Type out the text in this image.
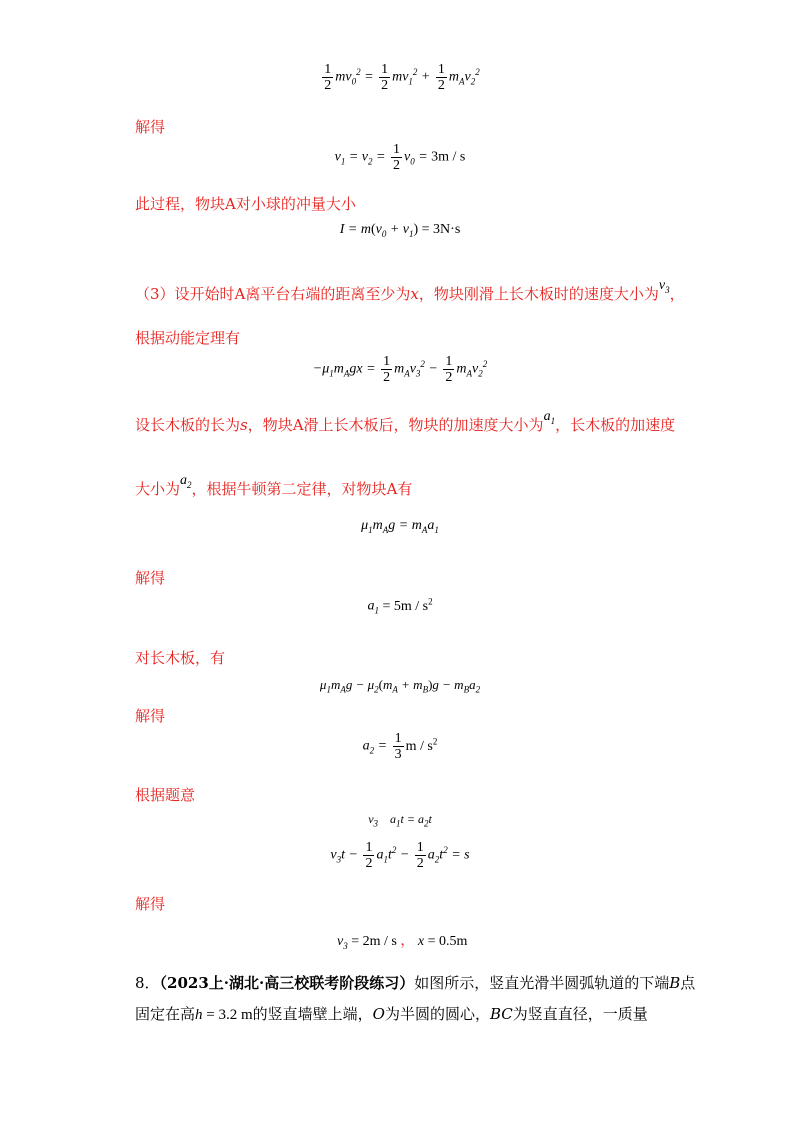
$\frac{1}{2} mv_0^2 = \frac{1}{2} mv_1^2 + \frac{1}{2} m_Av_2^2$
解得
$v_1 = v_2 = \frac{1}{2} v_0 = 3m / s$
此过程，物块A对小球的冲量大小
$I = m(v_0 + v_1) = 3N\cdot s$
（3）设开始时A离平台右端的距离至少为x，物块刚滑上长木板时的速度大小为$v_3$，
根据动能定理有
$-\mu_1m_Agx = \frac{1}{2} m_Av_3^2 - \frac{1}{2} m_Av_2^2$
设长木板的长为s，物块A滑上长木板后，物块的加速度大小为$a_1$，长木板的加速度
大小为$a_2$，根据牛顿第二定律，对物块A有
$\mu_1m_Ag = m_Aa_1$
解得
$a_1 = 5m / s^2$
对长木板，有
$\mu_1m_Ag - \mu_2(m_A + m_B)g - m_Ba_2$
解得
$a_2 = \frac{1}{3}$ m / $s^2$
根据题意
$v_3$    $a_1t = a_2t$
$v_3t - \frac{1}{2} a_1t^2 - \frac{1}{2} a_2t^2 = s$
解得
$v_3 = 2m / s$ ， x = 0.5m
8．（2023上·湖北·高三校联考阶段练习）如图所示，竖直光滑半圆弧轨道的下端B点
固定在高h = 3.2 m的竖直墙壁上端，O为半圆的圆心，BC为竖直直径，一质量
